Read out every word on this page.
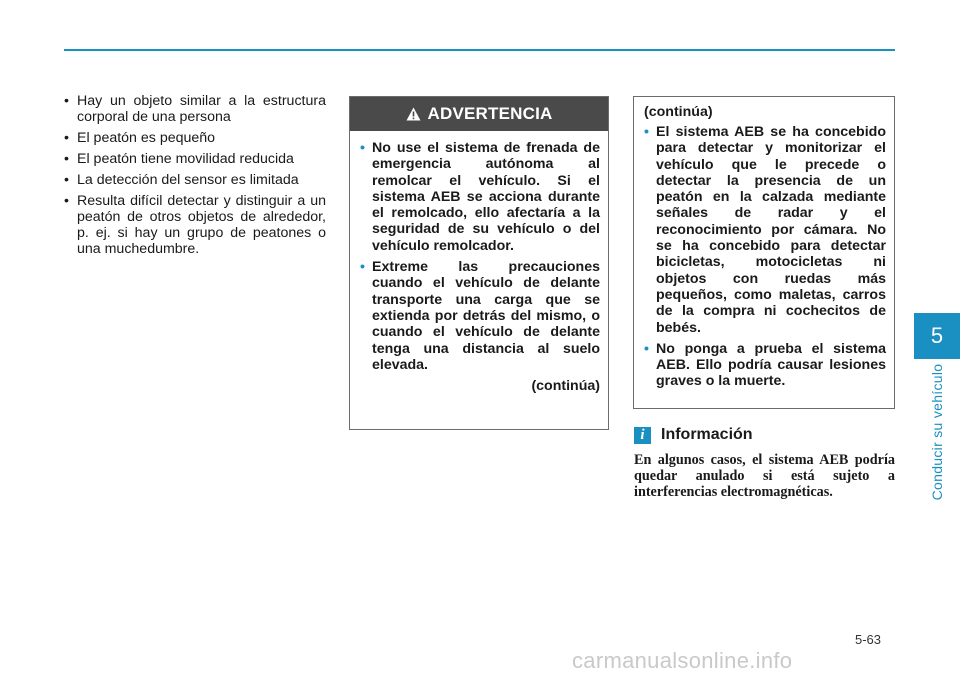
• Hay un objeto similar a la estructura corporal de una persona
• El peatón es pequeño
• El peatón tiene movilidad reducida
• La detección del sensor es limitada
• Resulta difícil detectar y distinguir a un peatón de otros objetos de alrededor, p. ej. si hay un grupo de peatones o una muchedumbre.
ADVERTENCIA
• No use el sistema de frenada de emergencia autónoma al remolcar el vehículo. Si el sistema AEB se acciona durante el remolcado, ello afectaría a la seguridad de su vehículo o del vehículo remolcador.
• Extreme las precauciones cuando el vehículo de delante transporte una carga que se extienda por detrás del mismo, o cuando el vehículo de delante tenga una distancia al suelo elevada.
(continúa)
(continúa)
• El sistema AEB se ha concebido para detectar y monitorizar el vehículo que le precede o detectar la presencia de un peatón en la calzada mediante señales de radar y el reconocimiento por cámara. No se ha concebido para detectar bicicletas, motocicletas ni objetos con ruedas más pequeños, como maletas, carros de la compra ni cochecitos de bebés.
• No ponga a prueba el sistema AEB. Ello podría causar lesiones graves o la muerte.
i	Información
En algunos casos, el sistema AEB podría quedar anulado si está sujeto a interferencias electromagnéticas.
5
Conducir su vehículo
5-63
carmanualsonline.info
